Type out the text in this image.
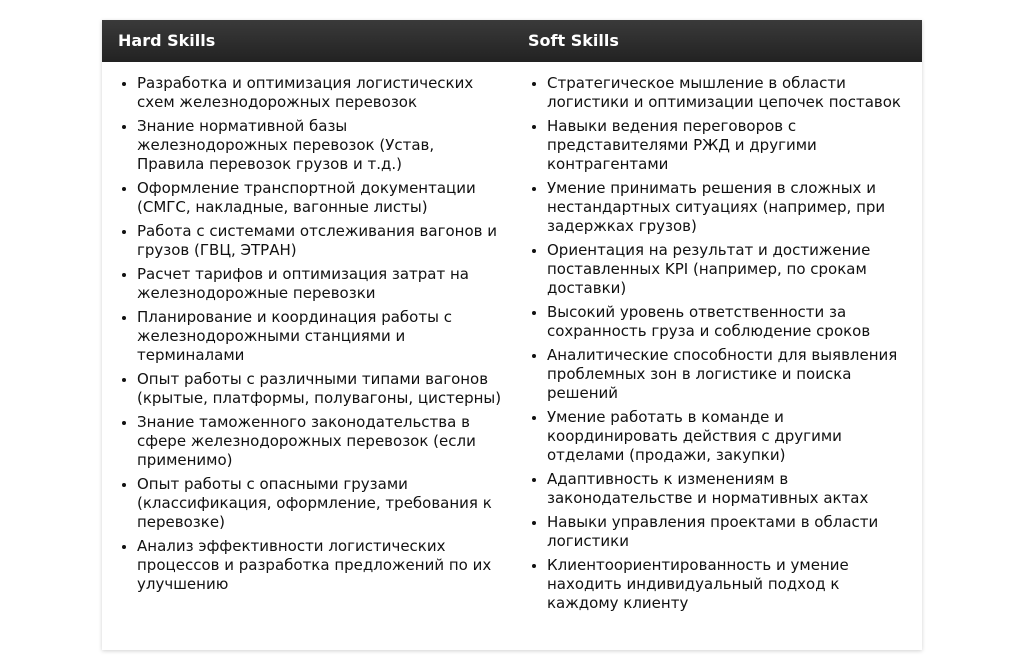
Hard Skills	Soft Skills
• Разработка и оптимизация логистических схем железнодорожных перевозок
• Знание нормативной базы железнодорожных перевозок (Устав, Правила перевозок грузов и т.д.)
• Оформление транспортной документации (СМГС, накладные, вагонные листы)
• Работа с системами отслеживания вагонов и грузов (ГВЦ, ЭТРАН)
• Расчет тарифов и оптимизация затрат на железнодорожные перевозки
• Планирование и координация работы с железнодорожными станциями и терминалами
• Опыт работы с различными типами вагонов (крытые, платформы, полувагоны, цистерны)
• Знание таможенного законодательства в сфере железнодорожных перевозок (если применимо)
• Опыт работы с опасными грузами (классификация, оформление, требования к перевозке)
• Анализ эффективности логистических процессов и разработка предложений по их улучшению
• Стратегическое мышление в области логистики и оптимизации цепочек поставок
• Навыки ведения переговоров с представителями РЖД и другими контрагентами
• Умение принимать решения в сложных и нестандартных ситуациях (например, при задержках грузов)
• Ориентация на результат и достижение поставленных KPI (например, по срокам доставки)
• Высокий уровень ответственности за сохранность груза и соблюдение сроков
• Аналитические способности для выявления проблемных зон в логистике и поиска решений
• Умение работать в команде и координировать действия с другими отделами (продажи, закупки)
• Адаптивность к изменениям в законодательстве и нормативных актах
• Навыки управления проектами в области логистики
• Клиентоориентированность и умение находить индивидуальный подход к каждому клиенту
